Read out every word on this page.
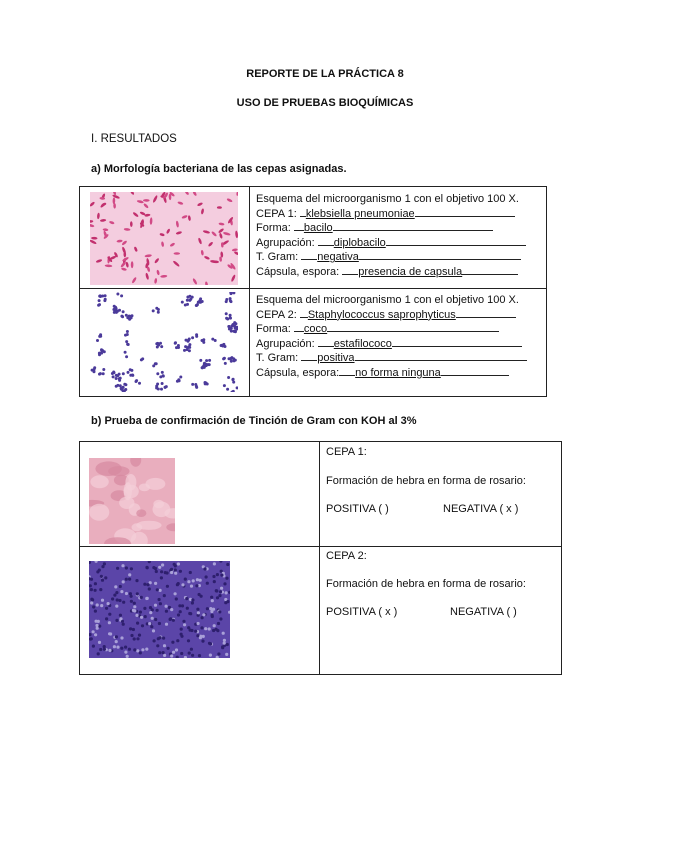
REPORTE DE LA PRÁCTICA 8
USO DE PRUEBAS BIOQUÍMICAS
I. RESULTADOS
a) Morfología bacteriana de las cepas asignadas.
Esquema del microorganismo 1 con el objetivo 100 X.
CEPA 1: klebsiella pneumoniae
Forma: bacilo
Agrupación: diplobacilo
T. Gram: negativa
Cápsula, espora: presencia de capsula
Esquema del microorganismo 1 con el objetivo 100 X.
CEPA 2: Staphylococcus saprophyticus
Forma: coco
Agrupación: estafilococo
T. Gram: positiva
Cápsula, espora: no forma ninguna
b) Prueba de confirmación de Tinción de Gram con KOH al 3%
CEPA 1:
Formación de hebra en forma de rosario:
POSITIVA ( )	NEGATIVA ( x )
CEPA 2:
Formación de hebra en forma de rosario:
POSITIVA ( x )	NEGATIVA ( )
